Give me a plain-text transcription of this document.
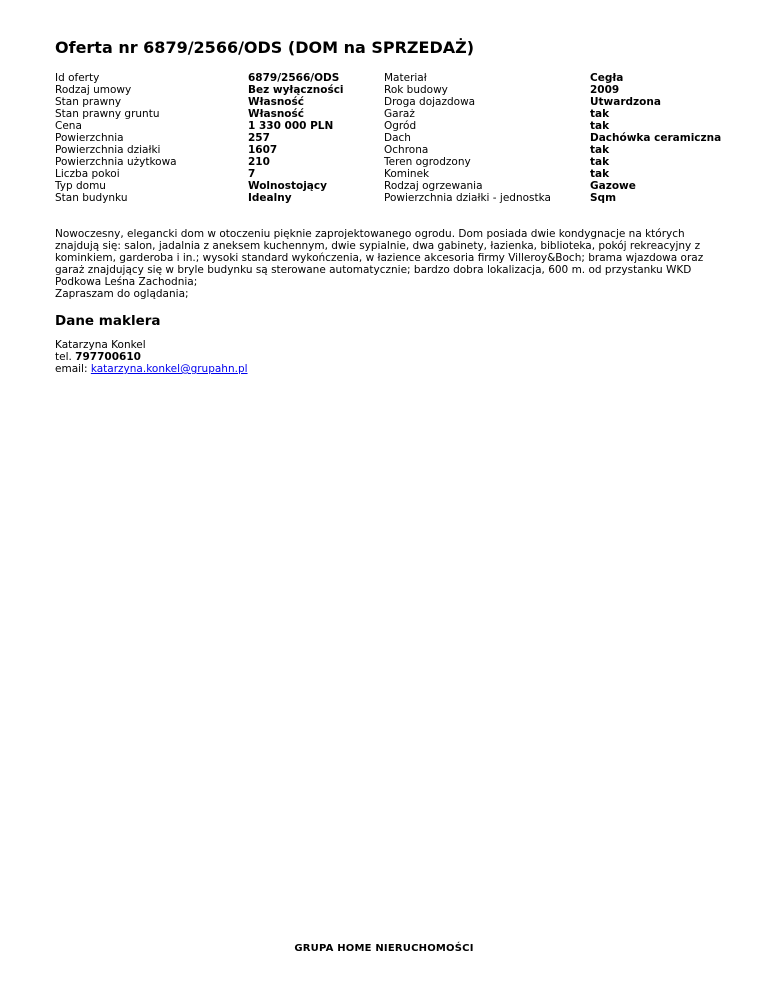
Oferta nr 6879/2566/ODS (DOM na SPRZEDAŻ)
Id oferty
Rodzaj umowy
Stan prawny
Stan prawny gruntu
Cena
Powierzchnia
Powierzchnia działki
Powierzchnia użytkowa
Liczba pokoi
Typ domu
Stan budynku
6879/2566/ODS
Bez wyłączności
Własność
Własność
1 330 000 PLN
257
1607
210
7
Wolnostojący
Idealny
Materiał
Rok budowy
Droga dojazdowa
Garaż
Ogród
Dach
Ochrona
Teren ogrodzony
Kominek
Rodzaj ogrzewania
Powierzchnia działki - jednostka
Cegła
2009
Utwardzona
tak
tak
Dachówka ceramiczna
tak
tak
tak
Gazowe
Sqm

Nowoczesny, elegancki dom w otoczeniu pięknie zaprojektowanego ogrodu. Dom posiada dwie kondygnacje na których

znajdują się: salon, jadalnia z aneksem kuchennym, dwie sypialnie, dwa gabinety, łazienka, biblioteka, pokój rekreacyjny z

kominkiem, garderoba i in.; wysoki standard wykończenia, w łazience akcesoria firmy Villeroy&Boch; brama wjazdowa oraz

garaż znajdujący się w bryle budynku są sterowane automatycznie; bardzo dobra lokalizacja, 600 m. od przystanku WKD

Podkowa Leśna Zachodnia;

Zapraszam do oglądania;

Dane maklera
Katarzyna Konkel
tel. 797700610
email: katarzyna.konkel@grupahn.pl
GRUPA HOME NIERUCHOMOŚCI
